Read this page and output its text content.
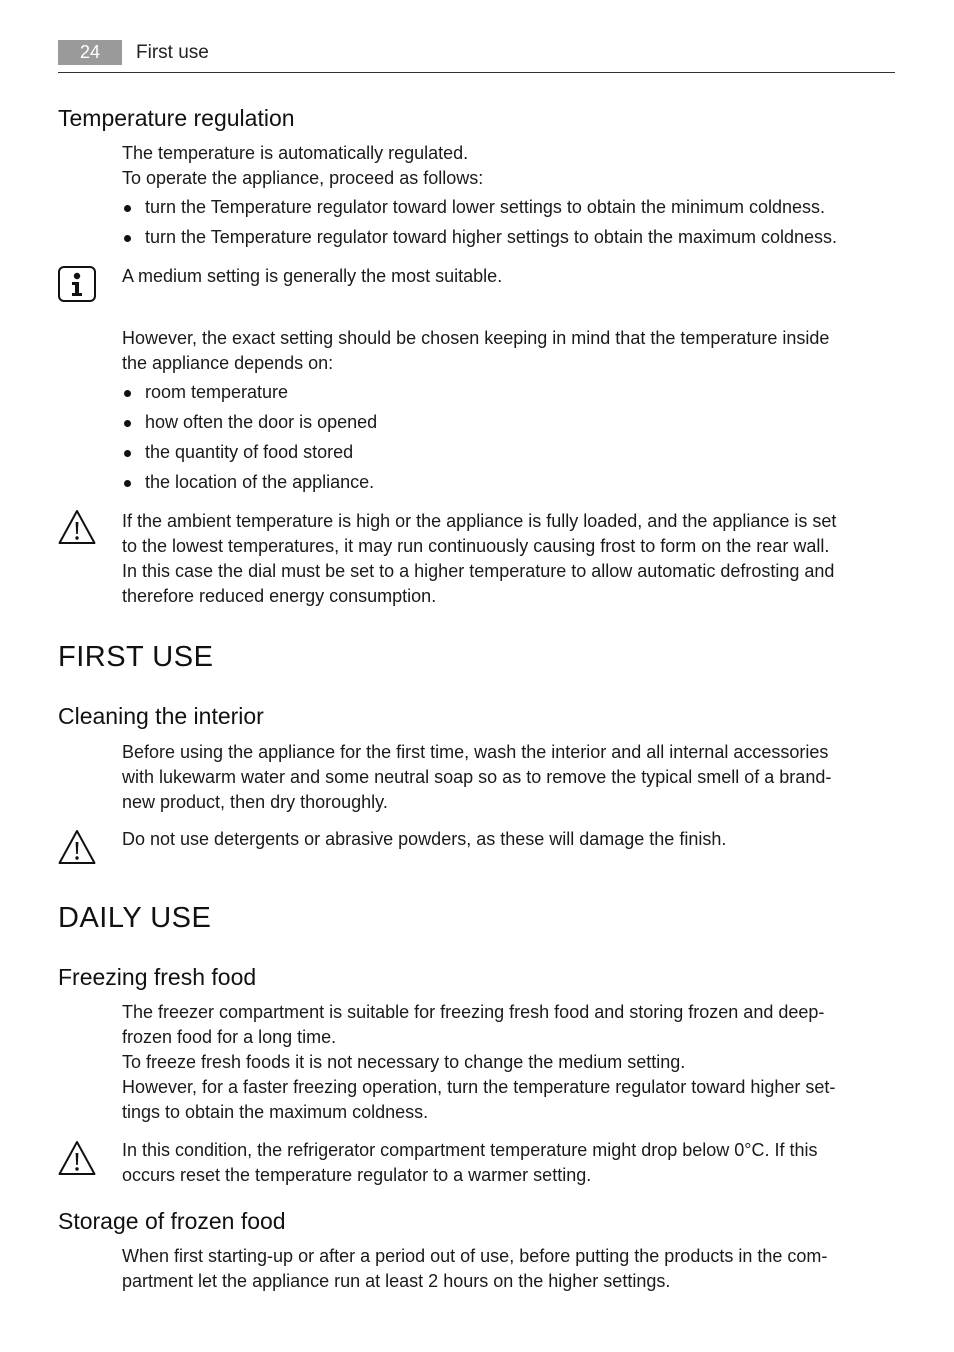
24	First use
Temperature regulation
The temperature is automatically regulated.
To operate the appliance, proceed as follows:
turn the Temperature regulator toward lower settings to obtain the minimum coldness.
turn the Temperature regulator toward higher settings to obtain the maximum coldness.
A medium setting is generally the most suitable.
However, the exact setting should be chosen keeping in mind that the temperature inside
the appliance depends on:
room temperature
how often the door is opened
the quantity of food stored
the location of the appliance.
If the ambient temperature is high or the appliance is fully loaded, and the appliance is set
to the lowest temperatures, it may run continuously causing frost to form on the rear wall.
In this case the dial must be set to a higher temperature to allow automatic defrosting and
therefore reduced energy consumption.
FIRST USE
Cleaning the interior
Before using the appliance for the first time, wash the interior and all internal accessories
with lukewarm water and some neutral soap so as to remove the typical smell of a brand-
new product, then dry thoroughly.
Do not use detergents or abrasive powders, as these will damage the finish.
DAILY USE
Freezing fresh food
The freezer compartment is suitable for freezing fresh food and storing frozen and deep-
frozen food for a long time.
To freeze fresh foods it is not necessary to change the medium setting.
However, for a faster freezing operation, turn the temperature regulator toward higher set-
tings to obtain the maximum coldness.
In this condition, the refrigerator compartment temperature might drop below 0°C. If this
occurs reset the temperature regulator to a warmer setting.
Storage of frozen food
When first starting-up or after a period out of use, before putting the products in the com-
partment let the appliance run at least 2 hours on the higher settings.
